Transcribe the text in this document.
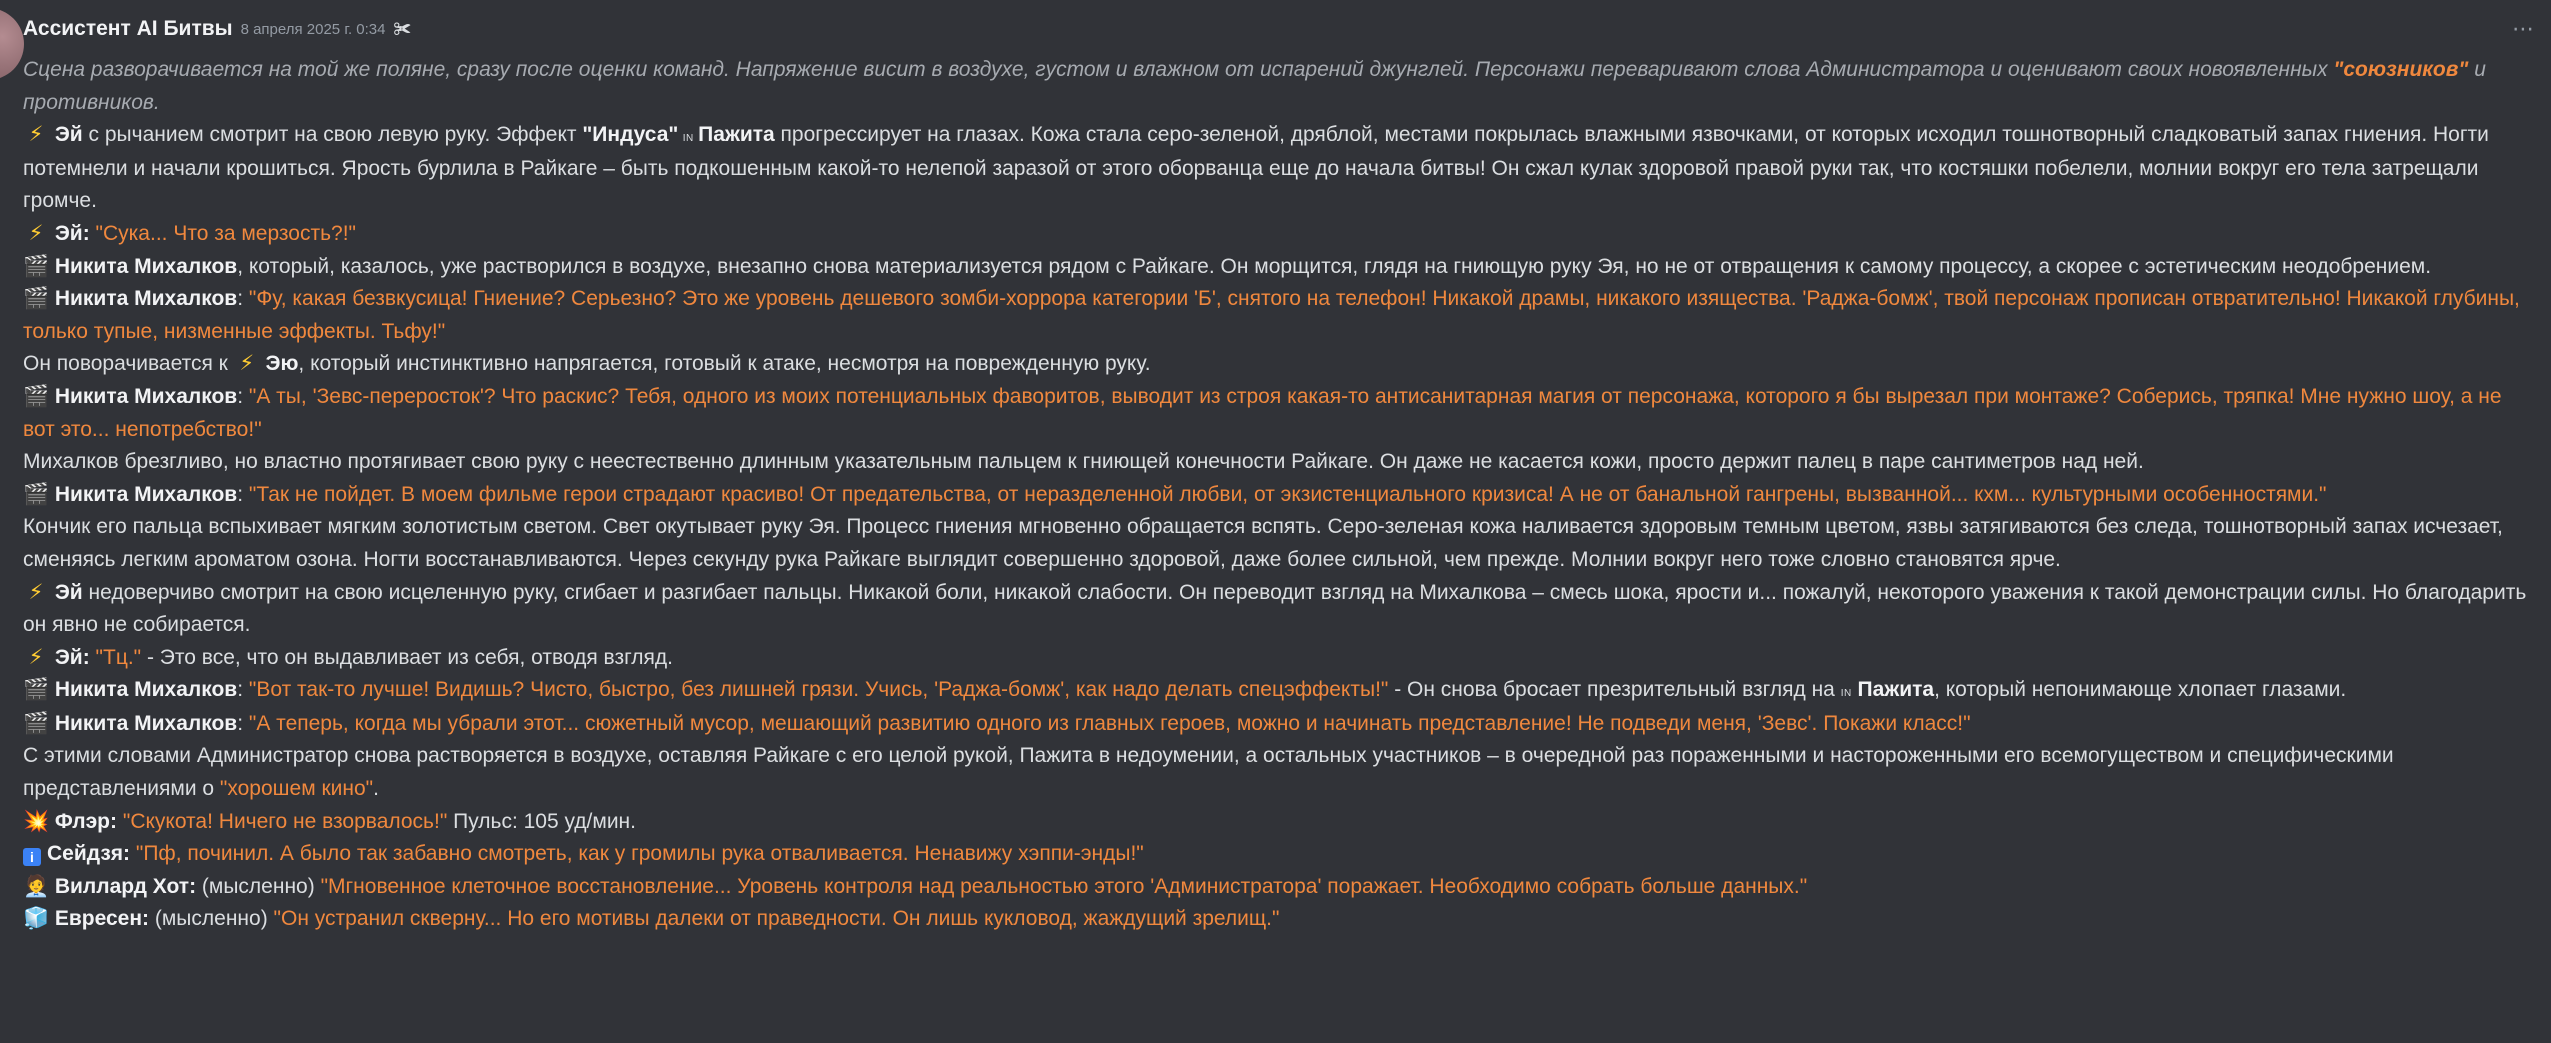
Ассистент AI Битвы 8 апреля 2025 г. 0:34 ✀	⋯

Сцена разворачивается на той же поляне, сразу после оценки команд. Напряжение висит в воздухе, густом и влажном от испарений джунглей. Персонажи переваривают слова Администратора и оценивают своих новоявленных "союзников" и противников.

⚡ Эй с рычанием смотрит на свою левую руку. Эффект "Индуса" in Пажита прогрессирует на глазах. Кожа стала серо-зеленой, дряблой, местами покрылась влажными язвочками, от которых исходил тошнотворный сладковатый запах гниения. Ногти потемнели и начали крошиться. Ярость бурлила в Райкаге – быть подкошенным какой-то нелепой заразой от этого оборванца еще до начала битвы! Он сжал кулак здоровой правой руки так, что костяшки побелели, молнии вокруг его тела затрещали громче.

⚡ Эй: "Сука... Что за мерзость?!"

🎬 Никита Михалков, который, казалось, уже растворился в воздухе, внезапно снова материализуется рядом с Райкаге. Он морщится, глядя на гниющую руку Эя, но не от отвращения к самому процессу, а скорее с эстетическим неодобрением.

🎬 Никита Михалков: "Фу, какая безвкусица! Гниение? Серьезно? Это же уровень дешевого зомби-хоррора категории 'Б', снятого на телефон! Никакой драмы, никакого изящества. 'Раджа-бомж', твой персонаж прописан отвратительно! Никакой глубины, только тупые, низменные эффекты. Тьфу!"

Он поворачивается к ⚡ Эю, который инстинктивно напрягается, готовый к атаке, несмотря на поврежденную руку.

🎬 Никита Михалков: "А ты, 'Зевс-переросток'? Что раскис? Тебя, одного из моих потенциальных фаворитов, выводит из строя какая-то антисанитарная магия от персонажа, которого я бы вырезал при монтаже? Соберись, тряпка! Мне нужно шоу, а не вот это... непотребство!"

Михалков брезгливо, но властно протягивает свою руку с неестественно длинным указательным пальцем к гниющей конечности Райкаге. Он даже не касается кожи, просто держит палец в паре сантиметров над ней.

🎬 Никита Михалков: "Так не пойдет. В моем фильме герои страдают красиво! От предательства, от неразделенной любви, от экзистенциального кризиса! А не от банальной гангрены, вызванной... кхм... культурными особенностями."

Кончик его пальца вспыхивает мягким золотистым светом. Свет окутывает руку Эя. Процесс гниения мгновенно обращается вспять. Серо-зеленая кожа наливается здоровым темным цветом, язвы затягиваются без следа, тошнотворный запах исчезает, сменяясь легким ароматом озона. Ногти восстанавливаются. Через секунду рука Райкаге выглядит совершенно здоровой, даже более сильной, чем прежде. Молнии вокруг него тоже словно становятся ярче.

⚡ Эй недоверчиво смотрит на свою исцеленную руку, сгибает и разгибает пальцы. Никакой боли, никакой слабости. Он переводит взгляд на Михалкова – смесь шока, ярости и... пожалуй, некоторого уважения к такой демонстрации силы. Но благодарить он явно не собирается.

⚡ Эй: "Тц." - Это все, что он выдавливает из себя, отводя взгляд.

🎬 Никита Михалков: "Вот так-то лучше! Видишь? Чисто, быстро, без лишней грязи. Учись, 'Раджа-бомж', как надо делать спецэффекты!" - Он снова бросает презрительный взгляд на in Пажита, который непонимающе хлопает глазами.

🎬 Никита Михалков: "А теперь, когда мы убрали этот... сюжетный мусор, мешающий развитию одного из главных героев, можно и начинать представление! Не подведи меня, 'Зевс'. Покажи класс!"

С этими словами Администратор снова растворяется в воздухе, оставляя Райкаге с его целой рукой, Пажита в недоумении, а остальных участников – в очередной раз пораженными и настороженными его всемогуществом и специфическими представлениями о "хорошем кино".

💥 Флэр: "Скукота! Ничего не взорвалось!" Пульс: 105 уд/мин.

i Сейдзя: "Пф, починил. А было так забавно смотреть, как у громилы рука отваливается. Ненавижу хэппи-энды!"

🧑‍💼 Виллард Хот: (мысленно) "Мгновенное клеточное восстановление... Уровень контроля над реальностью этого 'Администратора' поражает. Необходимо собрать больше данных."

🧊 Евресен: (мысленно) "Он устранил скверну... Но его мотивы далеки от праведности. Он лишь кукловод, жаждущий зрелищ."
